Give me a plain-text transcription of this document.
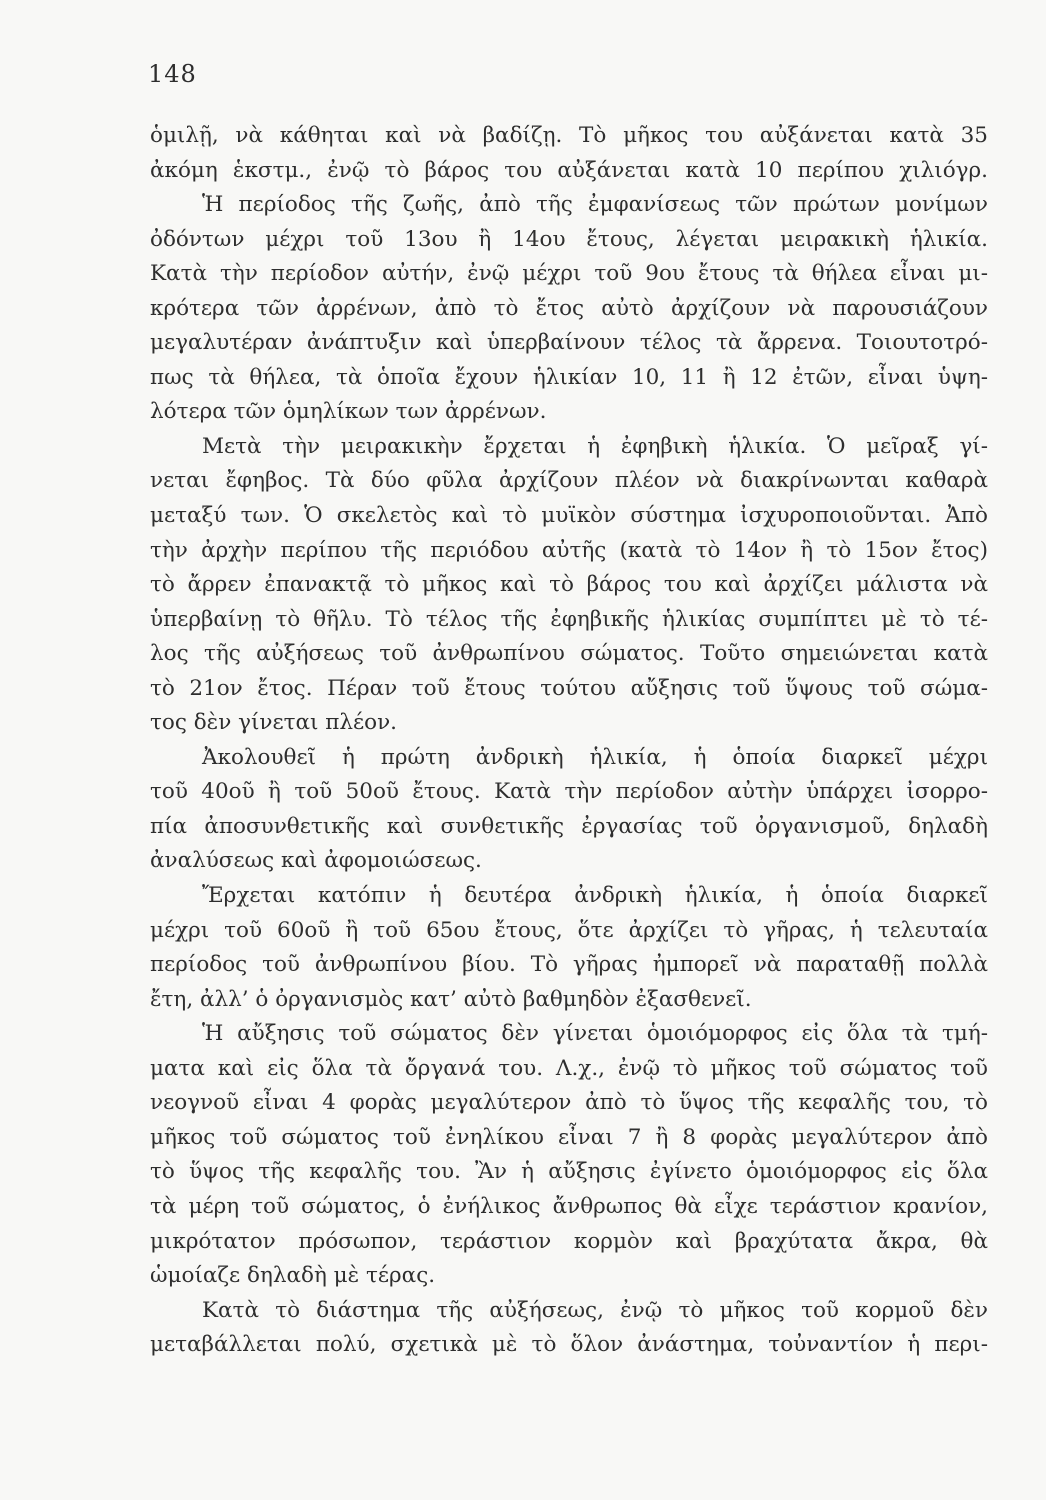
148
ὁμιλῇ, νὰ κάθηται καὶ νὰ βαδίζῃ. Τὸ μῆκος του αὐξάνεται κατὰ 35
ἀκόμη ἑκστμ., ἐνῷ τὸ βάρος του αὐξάνεται κατὰ 10 περίπου χιλιόγρ.
Ἡ περίοδος τῆς ζωῆς, ἀπὸ τῆς ἐμφανίσεως τῶν πρώτων μονίμων
ὀδόντων μέχρι τοῦ 13ου ἢ 14ου ἔτους, λέγεται μειρακικὴ ἡλικία.
Κατὰ τὴν περίοδον αὐτήν, ἐνῷ μέχρι τοῦ 9ου ἔτους τὰ θήλεα εἶναι μι-
κρότερα τῶν ἀρρένων, ἀπὸ τὸ ἔτος αὐτὸ ἀρχίζουν νὰ παρουσιάζουν
μεγαλυτέραν ἀνάπτυξιν καὶ ὑπερβαίνουν τέλος τὰ ἄρρενα. Τοιουτοτρό-
πως τὰ θήλεα, τὰ ὁποῖα ἔχουν ἡλικίαν 10, 11 ἢ 12 ἐτῶν, εἶναι ὑψη-
λότερα τῶν ὁμηλίκων των ἀρρένων.
Μετὰ τὴν μειρακικὴν ἔρχεται ἡ ἐφηβικὴ ἡλικία. Ὁ μεῖραξ γί-
νεται ἔφηβος. Τὰ δύο φῦλα ἀρχίζουν πλέον νὰ διακρίνωνται καθαρὰ
μεταξύ των. Ὁ σκελετὸς καὶ τὸ μυϊκὸν σύστημα ἰσχυροποιοῦνται. Ἀπὸ
τὴν ἀρχὴν περίπου τῆς περιόδου αὐτῆς (κατὰ τὸ 14ον ἢ τὸ 15ον ἔτος)
τὸ ἄρρεν ἐπανακτᾷ τὸ μῆκος καὶ τὸ βάρος του καὶ ἀρχίζει μάλιστα νὰ
ὑπερβαίνῃ τὸ θῆλυ. Τὸ τέλος τῆς ἐφηβικῆς ἡλικίας συμπίπτει μὲ τὸ τέ-
λος τῆς αὐξήσεως τοῦ ἀνθρωπίνου σώματος. Τοῦτο σημειώνεται κατὰ
τὸ 21ον ἔτος. Πέραν τοῦ ἔτους τούτου αὔξησις τοῦ ὕψους τοῦ σώμα-
τος δὲν γίνεται πλέον.
Ἀκολουθεῖ ἡ πρώτη ἀνδρικὴ ἡλικία, ἡ ὁποία διαρκεῖ μέχρι
τοῦ 40οῦ ἢ τοῦ 50οῦ ἔτους. Κατὰ τὴν περίοδον αὐτὴν ὑπάρχει ἰσορρο-
πία ἀποσυνθετικῆς καὶ συνθετικῆς ἐργασίας τοῦ ὀργανισμοῦ, δηλαδὴ
ἀναλύσεως καὶ ἀφομοιώσεως.
Ἔρχεται κατόπιν ἡ δευτέρα ἀνδρικὴ ἡλικία, ἡ ὁποία διαρκεῖ
μέχρι τοῦ 60οῦ ἢ τοῦ 65ου ἔτους, ὅτε ἀρχίζει τὸ γῆρας, ἡ τελευταία
περίοδος τοῦ ἀνθρωπίνου βίου. Τὸ γῆρας ἠμπορεῖ νὰ παραταθῇ πολλὰ
ἔτη, ἀλλ’ ὁ ὀργανισμὸς κατ’ αὐτὸ βαθμηδὸν ἐξασθενεῖ.
Ἡ αὔξησις τοῦ σώματος δὲν γίνεται ὁμοιόμορφος εἰς ὅλα τὰ τμή-
ματα καὶ εἰς ὅλα τὰ ὄργανά του. Λ.χ., ἐνῷ τὸ μῆκος τοῦ σώματος τοῦ
νεογνοῦ εἶναι 4 φορὰς μεγαλύτερον ἀπὸ τὸ ὕψος τῆς κεφαλῆς του, τὸ
μῆκος τοῦ σώματος τοῦ ἐνηλίκου εἶναι 7 ἢ 8 φορὰς μεγαλύτερον ἀπὸ
τὸ ὕψος τῆς κεφαλῆς του. Ἂν ἡ αὔξησις ἐγίνετο ὁμοιόμορφος εἰς ὅλα
τὰ μέρη τοῦ σώματος, ὁ ἐνήλικος ἄνθρωπος θὰ εἶχε τεράστιον κρανίον,
μικρότατον πρόσωπον, τεράστιον κορμὸν καὶ βραχύτατα ἄκρα, θὰ
ὡμοίαζε δηλαδὴ μὲ τέρας.
Κατὰ τὸ διάστημα τῆς αὐξήσεως, ἐνῷ τὸ μῆκος τοῦ κορμοῦ δὲν
μεταβάλλεται πολύ, σχετικὰ μὲ τὸ ὅλον ἀνάστημα, τοὐναντίον ἡ περι-
